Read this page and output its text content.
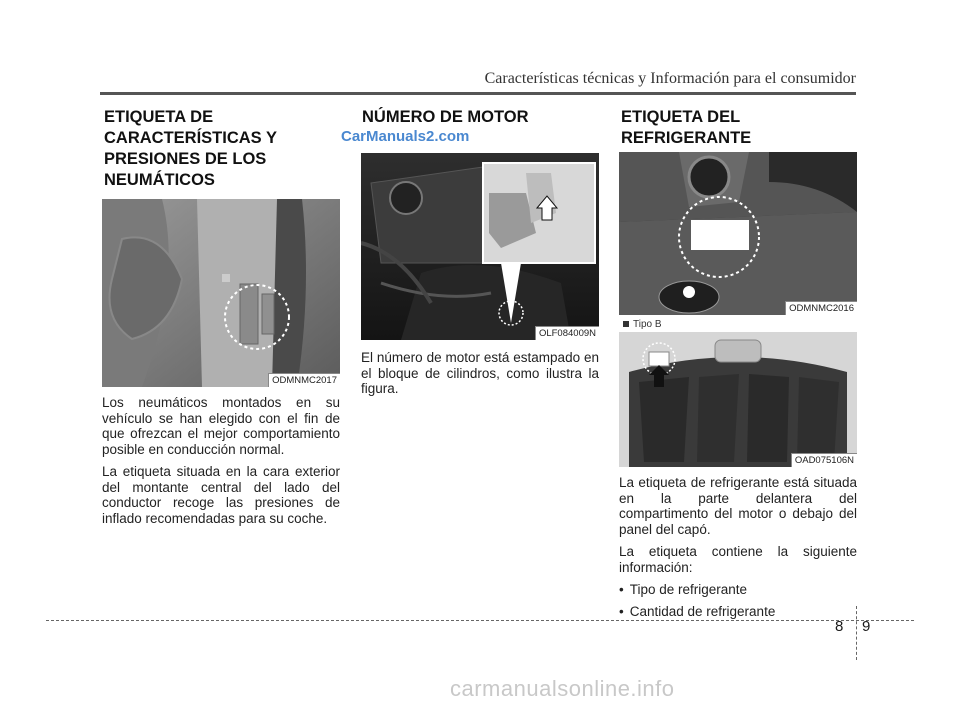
Características técnicas y Información para el consumidor
ETIQUETA DE CARACTERÍSTICAS Y PRESIONES DE LOS NEUMÁTICOS
ODMNMC2017

Los neumáticos montados en su vehículo se han elegido con el fin de que ofrezcan el mejor comportamiento posible en conducción normal.

La etiqueta situada en la cara exterior del montante central del lado del conductor recoge las presiones de inflado recomendadas para su coche.

NÚMERO DE MOTOR
CarManuals2.com
OLF084009N

El número de motor está estampado en el bloque de cilindros, como ilustra la figura.

ETIQUETA DEL REFRIGERANTE
ODMNMC2016
Tipo B
OAD075106N

La etiqueta de refrigerante está situada en la parte delantera del compartimento del motor o debajo del panel del capó.

La etiqueta contiene la siguiente información:

• Tipo de refrigerante
• Cantidad de refrigerante
8 9
carmanualsonline.info
